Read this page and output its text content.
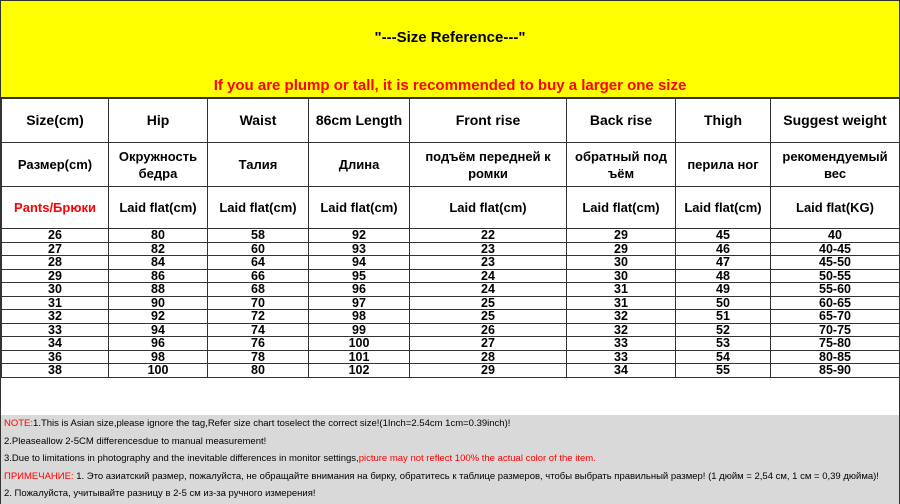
"---Size Reference---"
If you are plump or tall, it is recommended to buy a larger one size
Size(cm)	Hip	Waist	86cm Length	Front rise	Back rise	Thigh	Suggest weight
Размер(cm)	Окружность бедра	Талия	Длина	подъём передней к ромки	обратный под ъём	перила ног	рекомендуемый вес
Pants/Брюки	Laid flat(cm)	Laid flat(cm)	Laid flat(cm)	Laid flat(cm)	Laid flat(cm)	Laid flat(cm)	Laid flat(KG)
26	80	58	92	22	29	45	40
27	82	60	93	23	29	46	40-45
28	84	64	94	23	30	47	45-50
29	86	66	95	24	30	48	50-55
30	88	68	96	24	31	49	55-60
31	90	70	97	25	31	50	60-65
32	92	72	98	25	32	51	65-70
33	94	74	99	26	32	52	70-75
34	96	76	100	27	33	53	75-80
36	98	78	101	28	33	54	80-85
38	100	80	102	29	34	55	85-90
NOTE:1.This is Asian size,please ignore the tag,Refer size chart toselect the correct size!(1Inch=2.54cm 1cm=0.39inch)!
2.Pleaseallow 2-5CM differencesdue to manual measurement!
3.Due to limitations in photography and the inevitable differences in monitor settings,picture may not reflect 100% the actual color of the item.
ПРИМЕЧАНИЕ: 1. Это азиатский размер, пожалуйста, не обращайте внимания на бирку, обратитесь к таблице размеров, чтобы выбрать правильный размер! (1 дюйм = 2,54 см, 1 см = 0,39 дюйма)!
2. Пожалуйста, учитывайте разницу в 2-5 см из-за ручного измерения!
